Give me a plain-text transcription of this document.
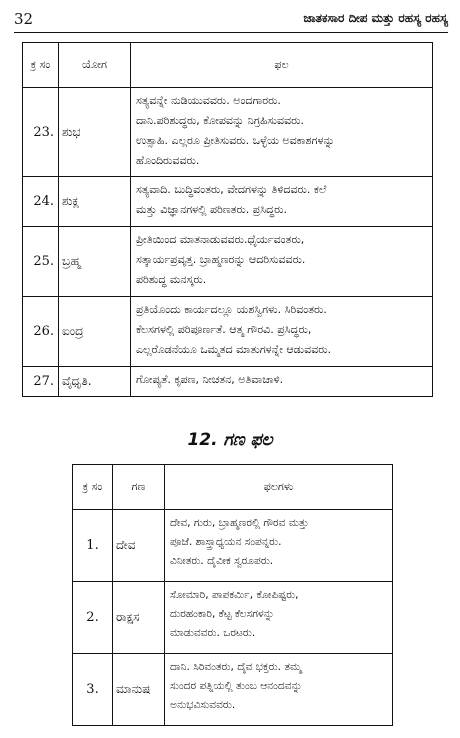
32	ಜಾತಕಸಾರ ದೀಪ ಮತ್ತು ರಹಸ್ಯ ರಹಸ್ಯ
ಕ್ರ ಸಂ	ಯೋಗ	ಫಲ
23.	ಶುಭ	ಸತ್ಯವನ್ನೇ ನುಡಿಯುವವರು. ಅಂದಗಾರರು.
ದಾನಿ.ಪರಿಶುದ್ಧರು, ಕೋಪವನ್ನು ನಿಗ್ರಹಿಸುವವರು.
ಉತ್ಸಾಹಿ. ಎಲ್ಲರೂ ಪ್ರೀತಿಸುವರು. ಒಳ್ಳೆಯ ಅವಕಾಶಗಳನ್ನು
ಹೊಂದಿರುವವರು.

24.	ಶುಕ್ಲ	ಸತ್ಯವಾದಿ. ಬುದ್ಧಿವಂತರು, ವೇದಗಳನ್ನು ತಿಳಿದವರು. ಕಲೆ
ಮತ್ತು ವಿಜ್ಞಾನಗಳಲ್ಲಿ ಪರಿಣತರು. ಪ್ರಸಿದ್ಧರು.

25.	ಬ್ರಹ್ಮ	ಪ್ರೀತಿಯಿಂದ ಮಾತನಾಡುವವರು.ಧೈರ್ಯವಂತರು,
ಸತ್ಕಾರ್ಯಪ್ರವೃತ್ತ. ಬ್ರಾಹ್ಮಣರನ್ನು ಆದರಿಸುವವರು.
ಪರಿಶುದ್ಧ ಮನಸ್ಕರು.

26.	ಐಂದ್ರ	ಪ್ರತಿಯೊಂದು ಕಾರ್ಯದಲ್ಲೂ ಯಶಸ್ವಿಗಳು. ಸಿರಿವಂತರು.
ಕೆಲಸಗಳಲ್ಲಿ ಪರಿಪೂರ್ಣತೆ. ಆತ್ಮ ಗೌರವಿ. ಪ್ರಸಿದ್ಧರು,
ಎಲ್ಲರೊಡನೆಯೂ ಒಮ್ಮತದ ಮಾತುಗಳನ್ನೇ ಆಡುವವರು.

27.	ವೈಧೃತಿ.	ಗೋಪ್ಯತೆ. ಕೃಪಣ, ನೀಚತನ, ಅತಿವಾಚಾಳಿ.
12. ಗಣ ಫಲ
ಕ್ರ ಸಂ	ಗಣ	ಫಲಗಳು
1.	ದೇವ	ದೇವ, ಗುರು, ಬ್ರಾಹ್ಮಣರಲ್ಲಿ ಗೌರವ ಮತ್ತು
ಪೂಜೆ. ಶಾಸ್ತ್ರಾಧ್ಯಯನ ಸಂಪನ್ನರು.
ವಿನೀತರು. ದೈವೀಕ ಸ್ವರೂಪರು.

2.	ರಾಕ್ಷಸ	ಸೋಮಾರಿ, ಪಾಪಕರ್ಮಿ, ಕೋಪಿಷ್ಟರು,
ದುರಹಂಕಾರಿ, ಕೆಟ್ಟ ಕೆಲಸಗಳನ್ನು
ಮಾಡುವವರು. ಒರಟರು.

3.	ಮಾನುಷ	ದಾನಿ. ಸಿರಿವಂತರು, ದೈವ ಭಕ್ತರು. ತಮ್ಮ
ಸುಂದರ ಪತ್ನಿಯಲ್ಲಿ ತುಂಬ ಆನಂದವನ್ನು
ಅನುಭವಿಸುವವರು.
